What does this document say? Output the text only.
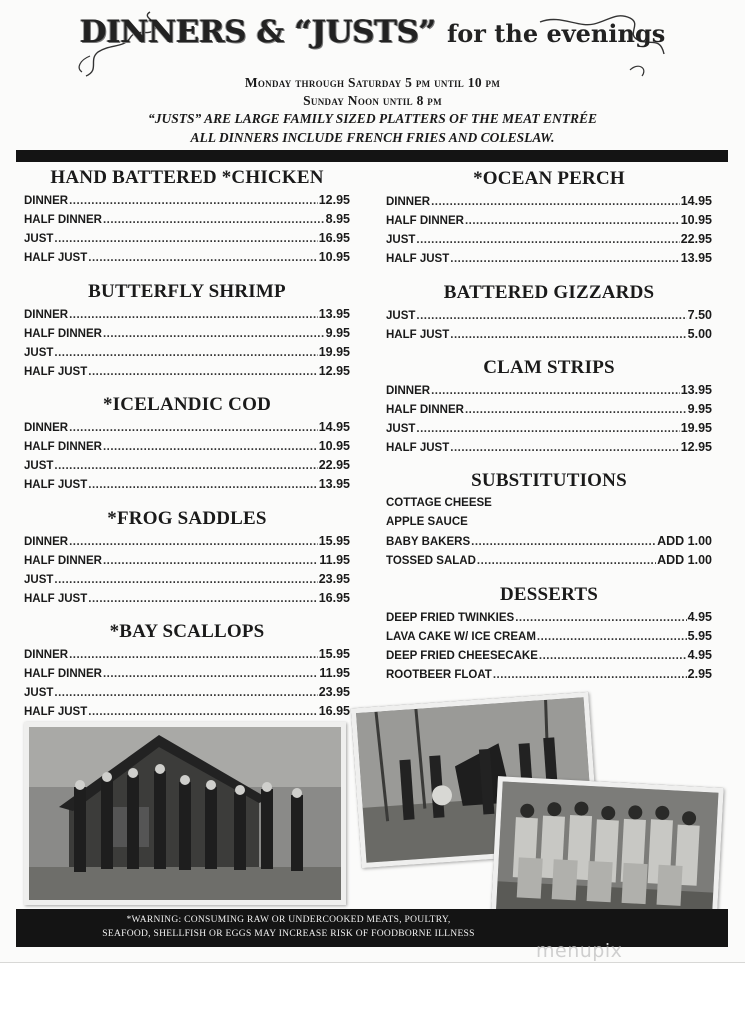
DINNERS & “JUSTS” for the evenings
Monday through Saturday 5 pm until 10 pm
Sunday Noon until 8 pm
“JUSTS” ARE LARGE FAMILY SIZED PLATTERS OF THE MEAT ENTRÉE
ALL DINNERS INCLUDE FRENCH FRIES AND COLESLAW.
HAND BATTERED *CHICKEN
DINNER .....	12.95
HALF DINNER .....	8.95
JUST .....	16.95
HALF JUST .....	10.95
BUTTERFLY SHRIMP
DINNER .....	13.95
HALF DINNER .....	9.95
JUST .....	19.95
HALF JUST .....	12.95
*ICELANDIC COD
DINNER .....	14.95
HALF DINNER .....	10.95
JUST .....	22.95
HALF JUST .....	13.95
*FROG SADDLES
DINNER .....	15.95
HALF DINNER .....	11.95
JUST .....	23.95
HALF JUST .....	16.95
*BAY SCALLOPS
DINNER .....	15.95
HALF DINNER .....	11.95
JUST .....	23.95
HALF JUST .....	16.95
*OCEAN PERCH
DINNER .....	14.95
HALF DINNER .....	10.95
JUST .....	22.95
HALF JUST .....	13.95
BATTERED GIZZARDS
JUST .....	7.50
HALF JUST .....	5.00
CLAM STRIPS
DINNER .....	13.95
HALF DINNER .....	9.95
JUST .....	19.95
HALF JUST .....	12.95
SUBSTITUTIONS
COTTAGE CHEESE
APPLE SAUCE
BABY BAKERS .....	ADD 1.00
TOSSED SALAD .....	ADD 1.00
DESSERTS
DEEP FRIED TWINKIES .....	4.95
LAVA CAKE W/ ICE CREAM .....	5.95
DEEP FRIED CHEESECAKE .....	4.95
ROOTBEER FLOAT .....	2.95
*WARNING: CONSUMING RAW OR UNDERCOOKED MEATS, POULTRY,
SEAFOOD, SHELLFISH OR EGGS MAY INCREASE RISK OF FOODBORNE ILLNESS
menupix
